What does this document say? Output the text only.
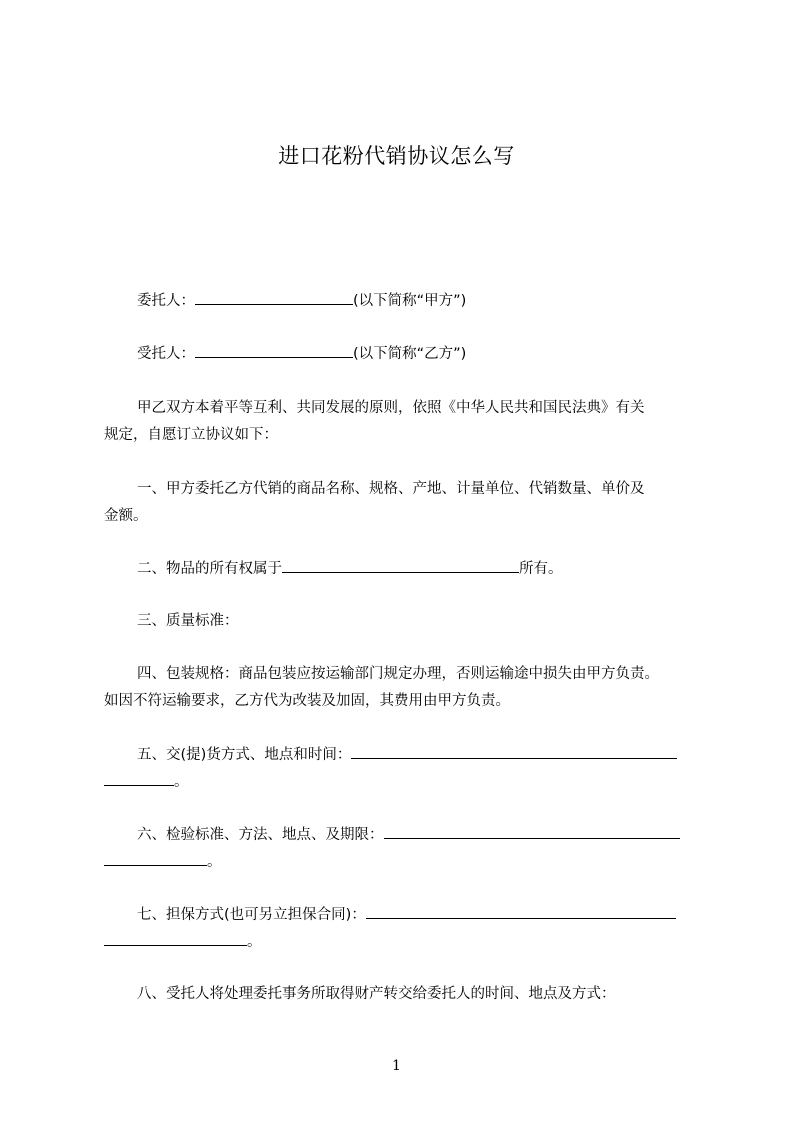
进口花粉代销协议怎么写
委托人：	(以下简称“甲方”)
受托人：	(以下简称“乙方”)
甲乙双方本着平等互利、共同发展的原则，依照《中华人民共和国民法典》有关
规定，自愿订立协议如下：
一、甲方委托乙方代销的商品名称、规格、产地、计量单位、代销数量、单价及
金额。
二、物品的所有权属于	所有。
三、质量标准：
四、包装规格：商品包装应按运输部门规定办理，否则运输途中损失由甲方负责。
如因不符运输要求，乙方代为改装及加固，其费用由甲方负责。
五、交(提)货方式、地点和时间：
。
六、检验标准、方法、地点、及期限：
。
七、担保方式(也可另立担保合同)：
。
八、受托人将处理委托事务所取得财产转交给委托人的时间、地点及方式：
1
